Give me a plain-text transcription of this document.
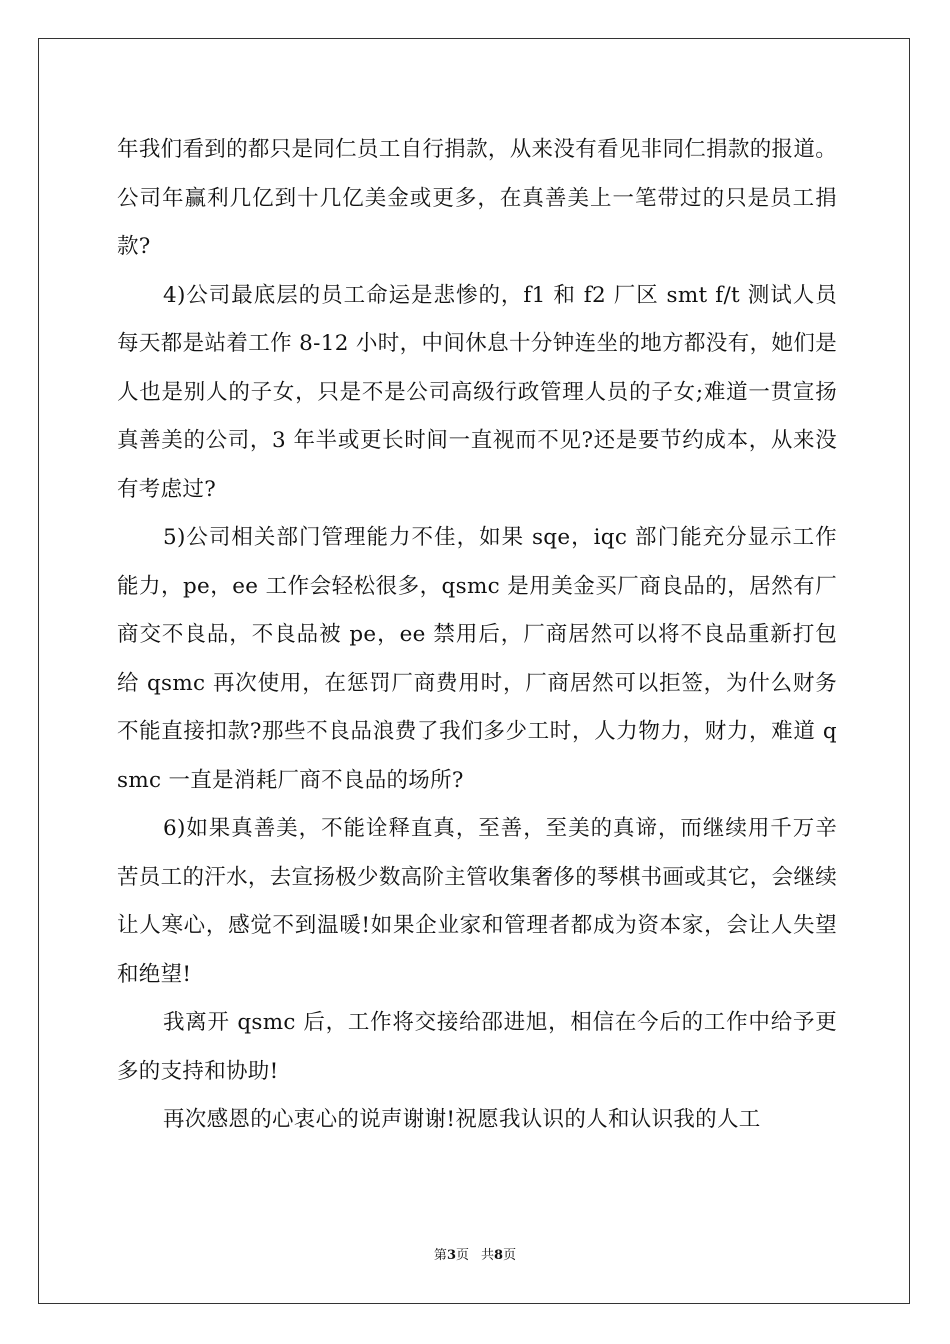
年我们看到的都只是同仁员工自行捐款，从来没有看见非同仁捐款的报道。公司年赢利几亿到十几亿美金或更多，在真善美上一笔带过的只是员工捐款?

4)公司最底层的员工命运是悲惨的，f1 和 f2 厂区 smt f/t 测试人员每天都是站着工作 8-12 小时，中间休息十分钟连坐的地方都没有，她们是人也是别人的子女，只是不是公司高级行政管理人员的子女;难道一贯宣扬真善美的公司，3 年半或更长时间一直视而不见?还是要节约成本，从来没有考虑过?

5)公司相关部门管理能力不佳，如果 sqe，iqc 部门能充分显示工作能力，pe，ee 工作会轻松很多，qsmc 是用美金买厂商良品的，居然有厂商交不良品，不良品被 pe，ee 禁用后，厂商居然可以将不良品重新打包给 qsmc 再次使用，在惩罚厂商费用时，厂商居然可以拒签，为什么财务不能直接扣款?那些不良品浪费了我们多少工时，人力物力，财力，难道 qsmc 一直是消耗厂商不良品的场所?

6)如果真善美，不能诠释直真，至善，至美的真谛，而继续用千万辛苦员工的汗水，去宣扬极少数高阶主管收集奢侈的琴棋书画或其它，会继续让人寒心，感觉不到温暖!如果企业家和管理者都成为资本家，会让人失望和绝望!

我离开 qsmc 后，工作将交接给邵进旭，相信在今后的工作中给予更多的支持和协助!

再次感恩的心衷心的说声谢谢!祝愿我认识的人和认识我的人工

第3页 共8页
